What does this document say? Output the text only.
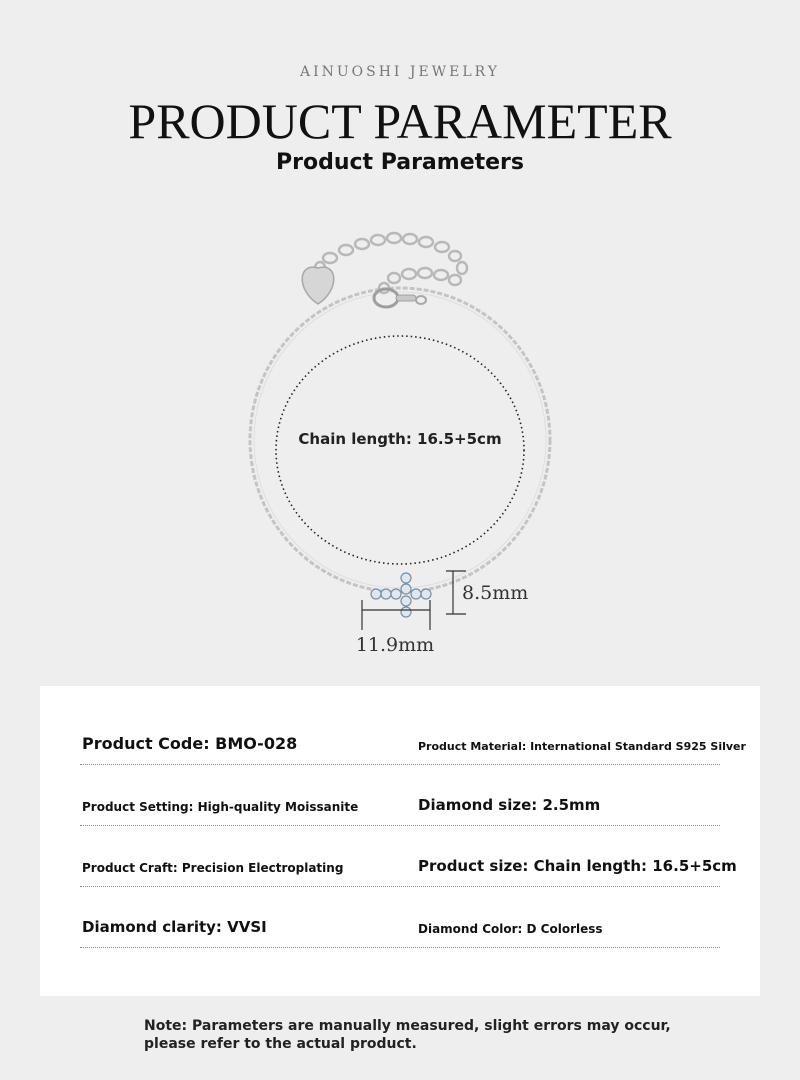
AINUOSHI JEWELRY
PRODUCT PARAMETER
Product Parameters
Chain length: 16.5+5cm
8.5mm
11.9mm
Product Code: BMO-028	Product Material: International Standard S925 Silver
Product Setting: High-quality Moissanite	Diamond size: 2.5mm
Product Craft: Precision Electroplating	Product size: Chain length: 16.5+5cm
Diamond clarity: VVSI	Diamond Color: D Colorless
Note: Parameters are manually measured, slight errors may occur,
please refer to the actual product.
